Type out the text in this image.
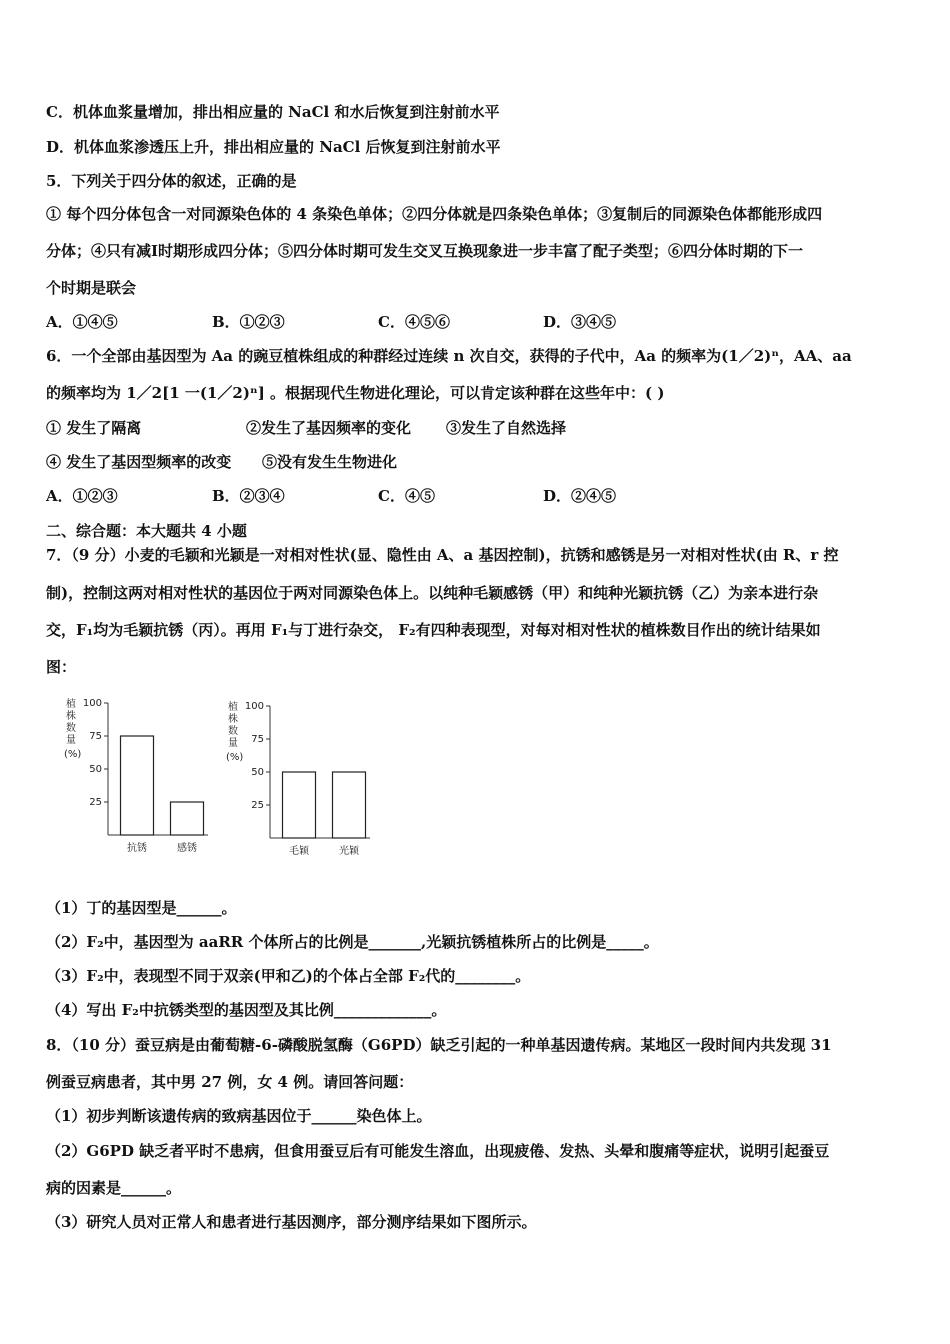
C．机体血浆量增加，排出相应量的 NaCl 和水后恢复到注射前水平
D．机体血浆渗透压上升，排出相应量的 NaCl 后恢复到注射前水平
5．下列关于四分体的叙述，正确的是
① 每个四分体包含一对同源染色体的 4 条染色单体；②四分体就是四条染色单体；③复制后的同源染色体都能形成四
分体；④只有减Ⅰ时期形成四分体；⑤四分体时期可发生交叉互换现象进一步丰富了配子类型；⑥四分体时期的下一
个时期是联会
A．①④⑤	B．①②③	C．④⑤⑥	D．③④⑤
6．一个全部由基因型为 Aa 的豌豆植株组成的种群经过连续 n 次自交，获得的子代中，Aa 的频率为(1／2)ⁿ，AA、aa
的频率均为 1／2[1 一(1／2)ⁿ] 。根据现代生物进化理论，可以肯定该种群在这些年中：( )
① 发生了隔离	②发生了基因频率的变化 ③发生了自然选择
④ 发生了基因型频率的改变 ⑤没有发生生物进化
A．①②③	B．②③④	C．④⑤	D．②④⑤
二、综合题：本大题共 4 小题
7．（9 分）小麦的毛颖和光颖是一对相对性状(显、隐性由 A、a 基因控制)，抗锈和感锈是另一对相对性状(由 R、r 控
制)，控制这两对相对性状的基因位于两对同源染色体上。以纯种毛颖感锈（甲）和纯种光颖抗锈（乙）为亲本进行杂
交，F₁均为毛颖抗锈（丙）。再用 F₁与丁进行杂交， F₂有四种表现型，对每对相对性状的植株数目作出的统计结果如
图：
植
株
数
量
(%)
100
75
50
25
抗锈	感锈
植
株
数
量
(%)
100
75
50
25
毛颖	光颖
（1）丁的基因型是______。
（2）F₂中，基因型为 aaRR 个体所占的比例是_______,光颖抗锈植株所占的比例是_____。
（3）F₂中，表现型不同于双亲(甲和乙)的个体占全部 F₂代的________。
（4）写出 F₂中抗锈类型的基因型及其比例_____________。
8．（10 分）蚕豆病是由葡萄糖-6-磷酸脱氢酶（G6PD）缺乏引起的一种单基因遗传病。某地区一段时间内共发现 31
例蚕豆病患者，其中男 27 例，女 4 例。请回答问题：
（1）初步判断该遗传病的致病基因位于______染色体上。
（2）G6PD 缺乏者平时不患病，但食用蚕豆后有可能发生溶血，出现疲倦、发热、头晕和腹痛等症状，说明引起蚕豆
病的因素是______。
（3）研究人员对正常人和患者进行基因测序，部分测序结果如下图所示。
